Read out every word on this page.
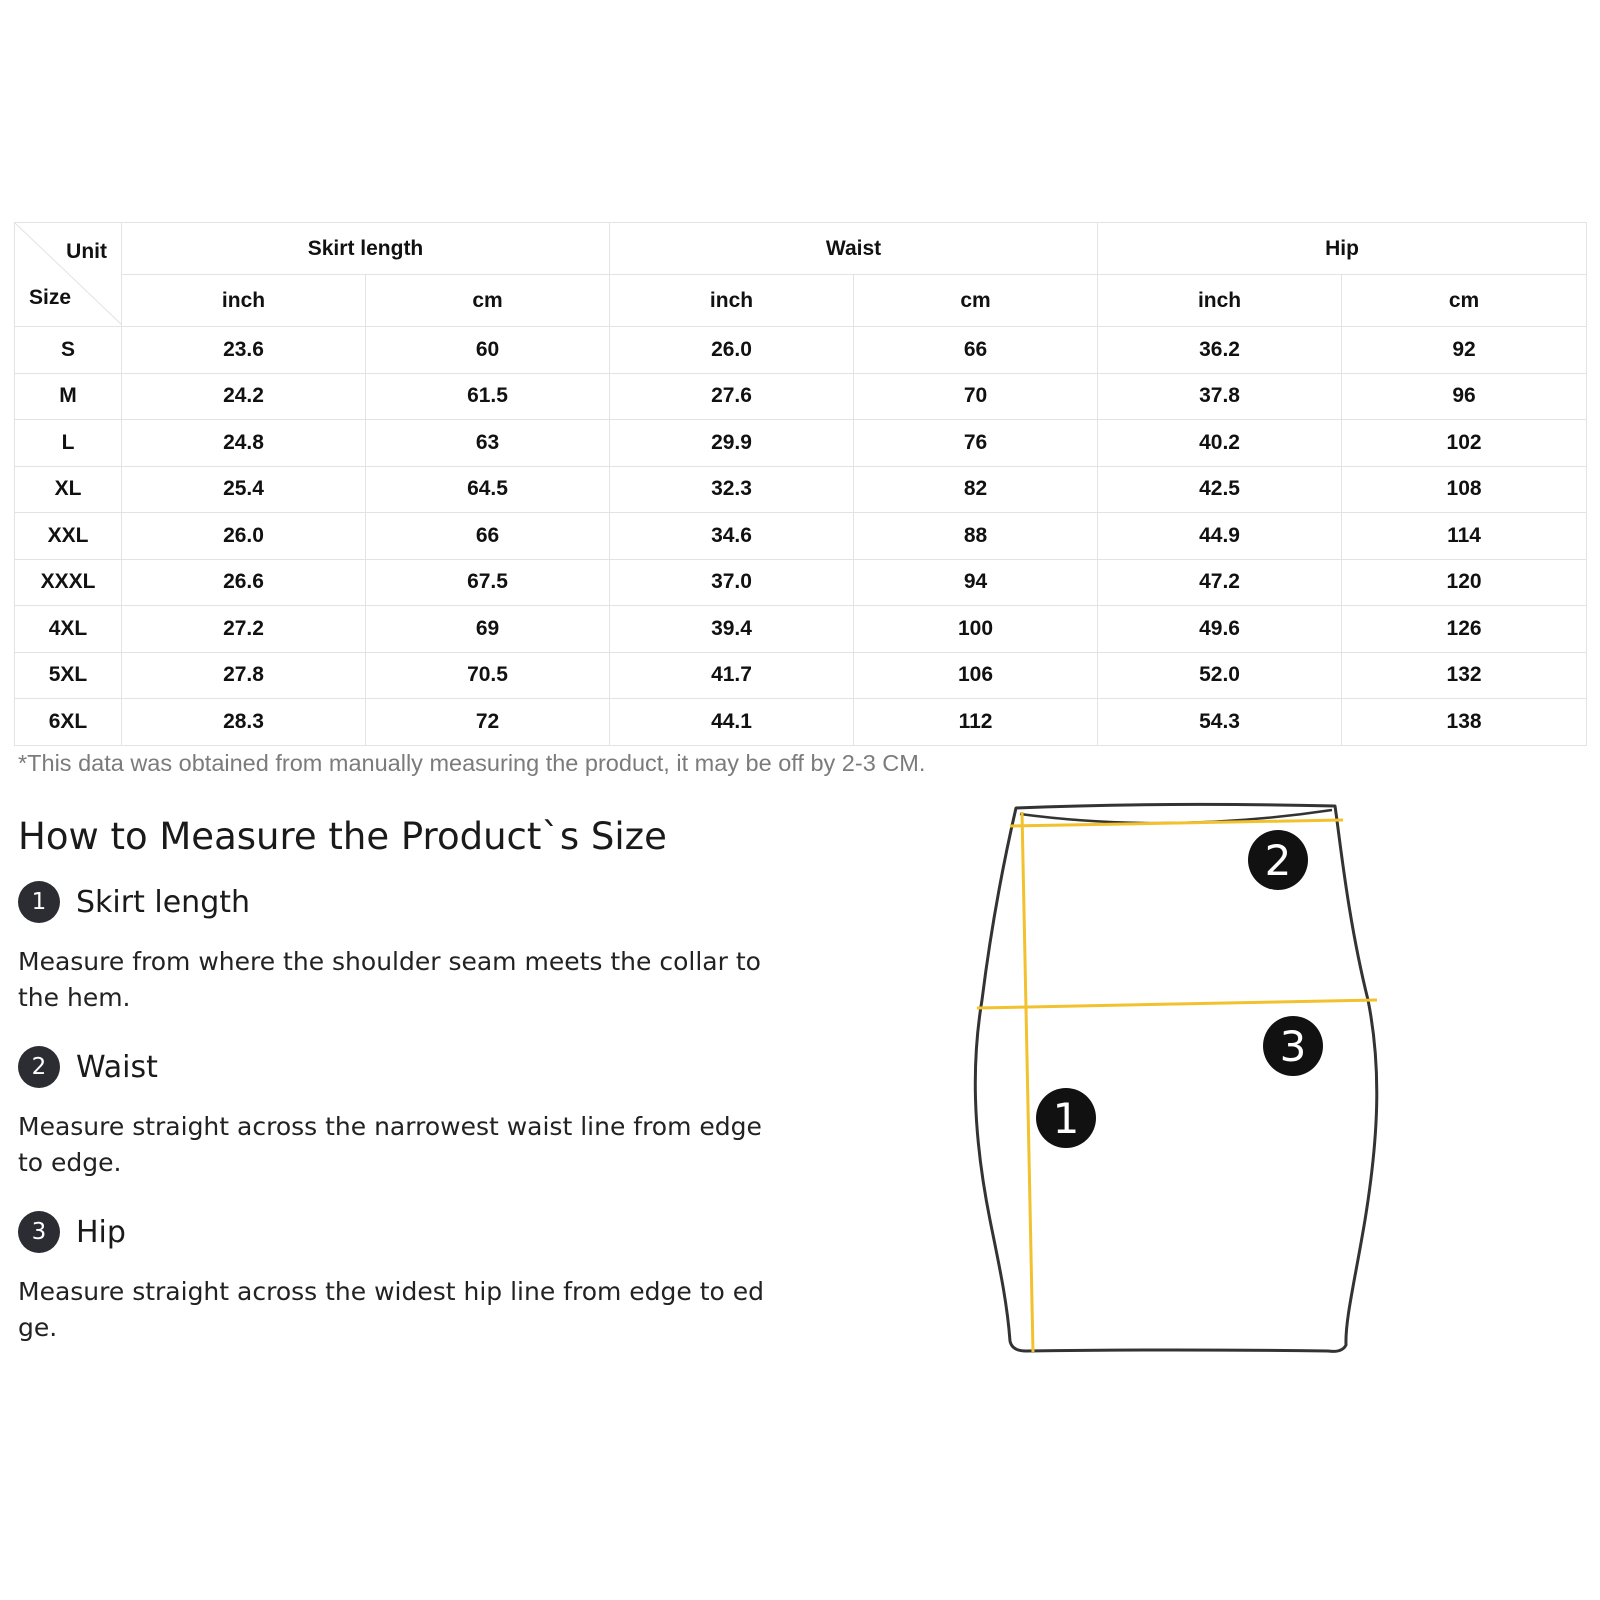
Unit
Size	Skirt length		Waist		Hip	
	inch	cm	inch	cm	inch	cm
S	23.6	60	26.0	66	36.2	92
M	24.2	61.5	27.6	70	37.8	96
L	24.8	63	29.9	76	40.2	102
XL	25.4	64.5	32.3	82	42.5	108
XXL	26.0	66	34.6	88	44.9	114
XXXL	26.6	67.5	37.0	94	47.2	120
4XL	27.2	69	39.4	100	49.6	126
5XL	27.8	70.5	41.7	106	52.0	132
6XL	28.3	72	44.1	112	54.3	138
*This data was obtained from manually measuring the product, it may be off by 2-3 CM.
How to Measure the Product`s Size
1 Skirt length
Measure from where the shoulder seam meets the collar to the hem.
2 Waist
Measure straight across the narrowest waist line from edge to edge.
3 Hip
Measure straight across the widest hip line from edge to edge.
1
2
3
